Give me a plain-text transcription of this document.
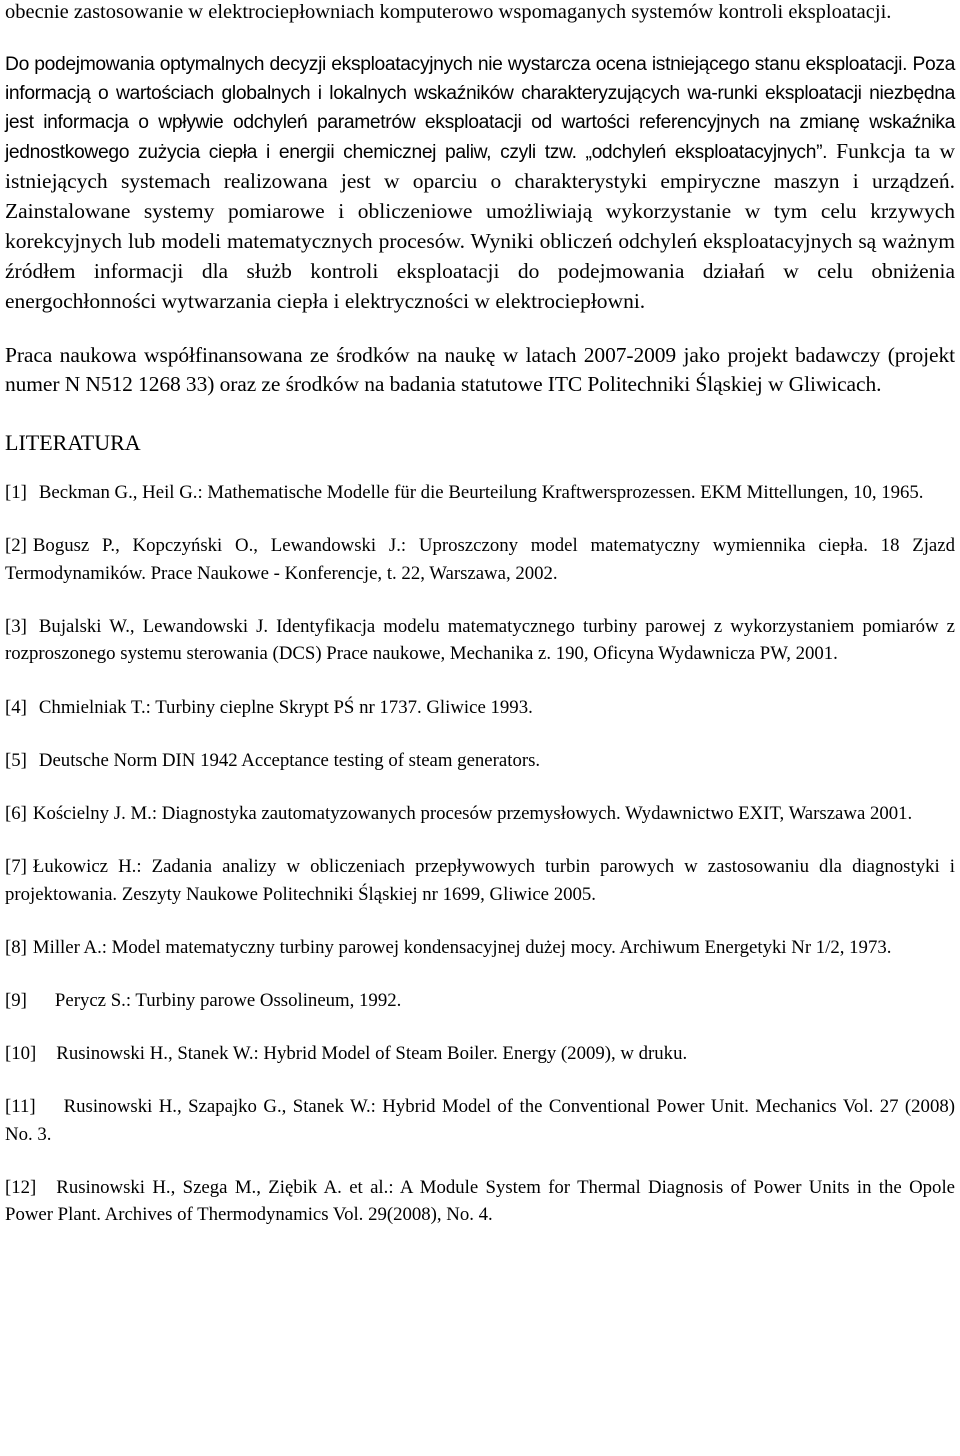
obecnie zastosowanie w elektrociepłowniach komputerowo wspomaganych systemów kontroli eksploatacji.

Do podejmowania optymalnych decyzji eksploatacyjnych nie wystarcza ocena istniejącego stanu eksploatacji. Poza informacją o wartościach globalnych i lokalnych wskaźników charakteryzujących wa-runki eksploatacji niezbędna jest informacja o wpływie odchyleń parametrów eksploatacji od wartości referencyjnych na zmianę wskaźnika jednostkowego zużycia ciepła i energii chemicznej paliw, czyli tzw. „odchyleń eksploatacyjnych”. Funkcja ta w istniejących systemach realizowana jest w oparciu o charakterystyki empiryczne maszyn i urządzeń. Zainstalowane systemy pomiarowe i obliczeniowe umożliwiają wykorzystanie w tym celu krzywych korekcyjnych lub modeli matematycznych procesów. Wyniki obliczeń odchyleń eksploatacyjnych są ważnym źródłem informacji dla służb kontroli eksploatacji do podejmowania działań w celu obniżenia energochłonności wytwarzania ciepła i elektryczności w elektrociepłowni.

Praca naukowa współfinansowana ze środków na naukę w latach 2007-2009 jako projekt badawczy (projekt numer N N512 1268 33) oraz ze środków na badania statutowe ITC Politechniki Śląskiej w Gliwicach.

LITERATURA
[1] Beckman G., Heil G.: Mathematische Modelle für die Beurteilung Kraftwersprozessen. EKM Mittellungen, 10, 1965.
[2] Bogusz P., Kopczyński O., Lewandowski J.: Uproszczony model matematyczny wymiennika ciepła. 18 Zjazd Termodynamików. Prace Naukowe - Konferencje, t. 22, Warszawa, 2002.
[3] Bujalski W., Lewandowski J. Identyfikacja modelu matematycznego turbiny parowej z wykorzystaniem pomiarów z rozproszonego systemu sterowania (DCS) Prace naukowe, Mechanika z. 190, Oficyna Wydawnicza PW, 2001.
[4] Chmielniak T.: Turbiny cieplne Skrypt PŚ nr 1737. Gliwice 1993.
[5] Deutsche Norm DIN 1942 Acceptance testing of steam generators.
[6] Kościelny J. M.: Diagnostyka zautomatyzowanych procesów przemysłowych. Wydawnictwo EXIT, Warszawa 2001.
[7] Łukowicz H.: Zadania analizy w obliczeniach przepływowych turbin parowych w zastosowaniu dla diagnostyki i projektowania. Zeszyty Naukowe Politechniki Śląskiej nr 1699, Gliwice 2005.
[8] Miller A.: Model matematyczny turbiny parowej kondensacyjnej dużej mocy. Archiwum Energetyki Nr 1/2, 1973.
[9] Perycz S.: Turbiny parowe Ossolineum, 1992.
[10] Rusinowski H., Stanek W.: Hybrid Model of Steam Boiler. Energy (2009), w druku.
[11] Rusinowski H., Szapajko G., Stanek W.: Hybrid Model of the Conventional Power Unit. Mechanics Vol. 27 (2008) No. 3.
[12] Rusinowski H., Szega M., Ziębik A. et al.: A Module System for Thermal Diagnosis of Power Units in the Opole Power Plant. Archives of Thermodynamics Vol. 29(2008), No. 4.
